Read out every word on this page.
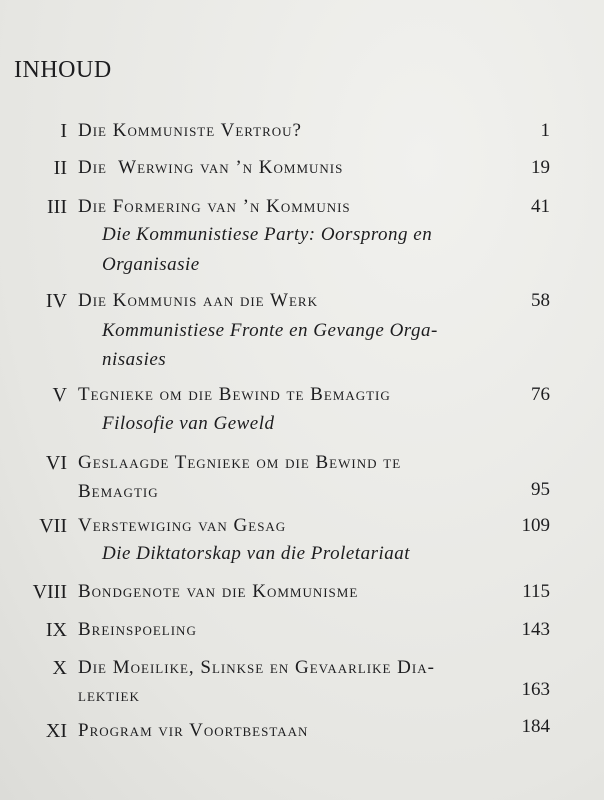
INHOUD
I Die Kommuniste Vertrou?	1
II Die  Werwing van ’n Kommunis	19
III Die Formering van ’n Kommunis	41
Die Kommunistiese Party: Oorsprong en
Organisasie
IV Die Kommunis aan die Werk	58
Kommunistiese Fronte en Gevange Orga-
nisasies
V Tegnieke om die Bewind te Bemagtig	76
Filosofie van Geweld
VI Geslaagde Tegnieke om die Bewind te
Bemagtig	95
VII Verstewiging van Gesag	109
Die Diktatorskap van die Proletariaat
VIII Bondgenote van die Kommunisme	115
IX Breinspoeling	143
X Die Moeilike, Slinkse en Gevaarlike Dia-
lektiek	163
XI Program vir Voortbestaan	184
